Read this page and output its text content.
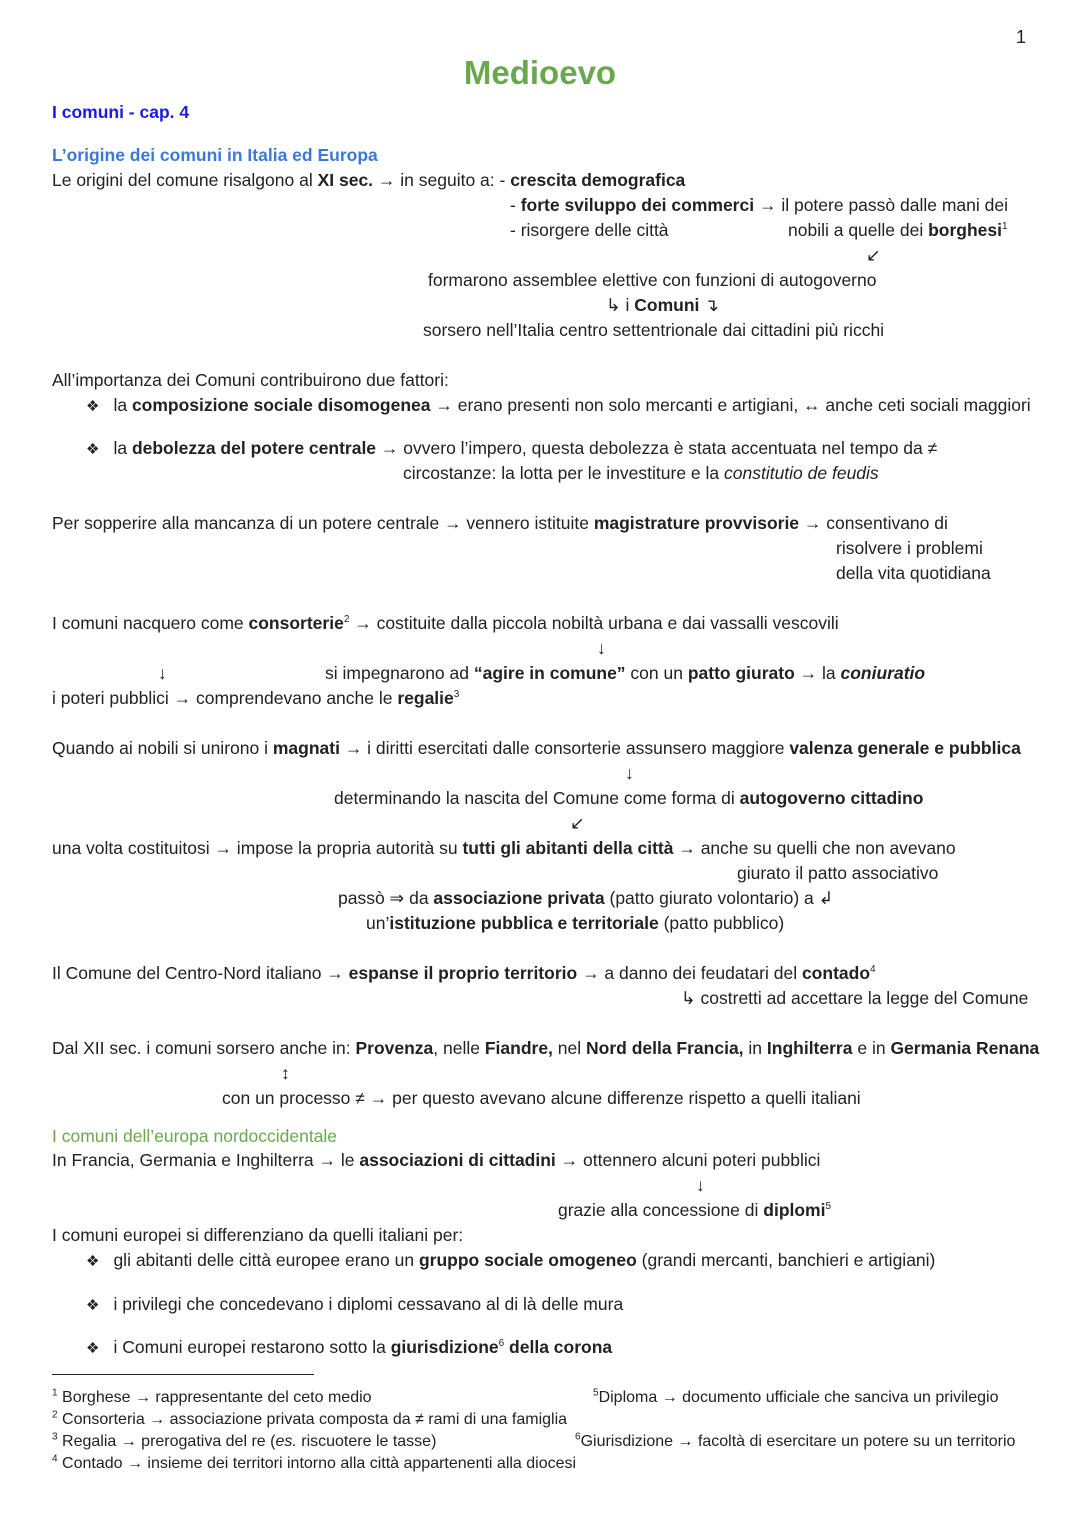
1
Medioevo
I comuni - cap. 4
L’origine dei comuni in Italia ed Europa
Le origini del comune risalgono al XI sec. → in seguito a: - crescita demografica
- forte sviluppo dei commerci → il potere passò dalle mani dei
- risorgere delle città	nobili a quelle dei borghesi$^1$
↙
formarono assemblee elettive con funzioni di autogoverno
↳ i Comuni ↴
sorsero nell’Italia centro settentrionale dai cittadini più ricchi
All’importanza dei Comuni contribuirono due fattori:
❖ la composizione sociale disomogenea → erano presenti non solo mercanti e artigiani, ↔ anche ceti sociali maggiori
❖ la debolezza del potere centrale → ovvero l’impero, questa debolezza è stata accentuata nel tempo da ≠
circostanze: la lotta per le investiture e la constitutio de feudis
Per sopperire alla mancanza di un potere centrale → vennero istituite magistrature provvisorie → consentivano di
risolvere i problemi
della vita quotidiana
I comuni nacquero come consorterie$^2$ → costituite dalla piccola nobiltà urbana e dai vassalli vescovili
↓
↓	si impegnarono ad “agire in comune” con un patto giurato → la coniuratio
i poteri pubblici → comprendevano anche le regalie$^3$
Quando ai nobili si unirono i magnati → i diritti esercitati dalle consorterie assunsero maggiore valenza generale e pubblica
↓
determinando la nascita del Comune come forma di autogoverno cittadino
↙
una volta costituitosi → impose la propria autorità su tutti gli abitanti della città → anche su quelli che non avevano
giurato il patto associativo
passò ⇒ da associazione privata (patto giurato volontario) a ↲
un’istituzione pubblica e territoriale (patto pubblico)
Il Comune del Centro-Nord italiano → espanse il proprio territorio → a danno dei feudatari del contado$^4$
↳ costretti ad accettare la legge del Comune
Dal XII sec. i comuni sorsero anche in: Provenza, nelle Fiandre, nel Nord della Francia, in Inghilterra e in Germania Renana
↕
con un processo ≠ → per questo avevano alcune differenze rispetto a quelli italiani
I comuni dell’europa nordoccidentale
In Francia, Germania e Inghilterra → le associazioni di cittadini → ottennero alcuni poteri pubblici
↓
grazie alla concessione di diplomi$^5$
I comuni europei si differenziano da quelli italiani per:
❖ gli abitanti delle città europee erano un gruppo sociale omogeneo (grandi mercanti, banchieri e artigiani)
❖ i privilegi che concedevano i diplomi cessavano al di là delle mura
❖ i Comuni europei restarono sotto la giurisdizione$^6$ della corona
$^1$ Borghese → rappresentante del ceto medio
$^2$ Consorteria → associazione privata composta da ≠ rami di una famiglia
$^3$ Regalia → prerogativa del re (es. riscuotere le tasse)
$^4$ Contado → insieme dei territori intorno alla città appartenenti alla diocesi
$^5$Diploma → documento ufficiale che sanciva un privilegio
$^6$Giurisdizione → facoltà di esercitare un potere su un territorio
